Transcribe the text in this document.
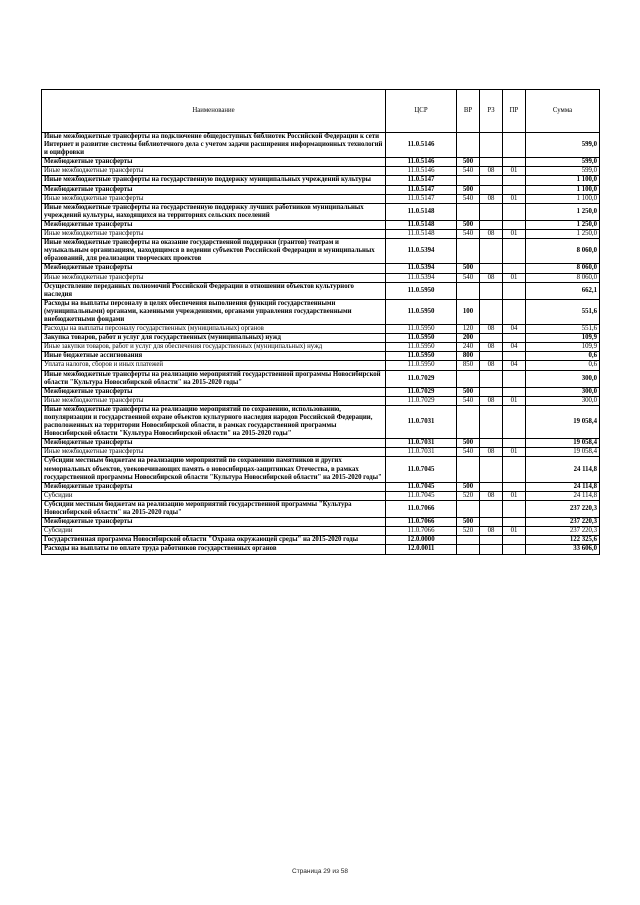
Наименование	ЦСР	ВР	РЗ	ПР	Сумма
Иные межбюджетные трансферты на подключение общедоступных библиотек Российской Федерации к сети Интернет и развитие системы библиотечного дела с учетом задачи расширения информационных технологий и оцифровки	11.0.5146				599,0
Межбюджетные трансферты	11.0.5146	500			599,0
Иные межбюджетные трансферты	11.0.5146	540	08	01	599,0
Иные межбюджетные трансферты на государственную поддержку муниципальных учреждений культуры	11.0.5147				1 100,0
Межбюджетные трансферты	11.0.5147	500			1 100,0
Иные межбюджетные трансферты	11.0.5147	540	08	01	1 100,0
Иные межбюджетные трансферты на государственную поддержку лучших работников муниципальных учреждений культуры, находящихся на территориях сельских поселений	11.0.5148				1 250,0
Межбюджетные трансферты	11.0.5148	500			1 250,0
Иные межбюджетные трансферты	11.0.5148	540	08	01	1 250,0
Иные межбюджетные трансферты на оказание государственной поддержки (грантов) театрам и музыкальным организациям, находящимся в ведении субъектов Российской Федерации и муниципальных образований, для реализации творческих проектов	11.0.5394				8 060,0
Межбюджетные трансферты	11.0.5394	500			8 060,0
Иные межбюджетные трансферты	11.0.5394	540	08	01	8 060,0
Осуществление переданных полномочий Российской Федерации в отношении объектов культурного наследия	11.0.5950				662,1
Расходы на выплаты персоналу в целях обеспечения выполнения функций государственными (муниципальными) органами, казенными учреждениями, органами управления государственными внебюджетными фондами	11.0.5950	100			551,6
Расходы на выплаты персоналу государственных (муниципальных) органов	11.0.5950	120	08	04	551,6
Закупка товаров, работ и услуг для государственных (муниципальных) нужд	11.0.5950	200			109,9
Иные закупки товаров, работ и услуг для обеспечения государственных (муниципальных) нужд	11.0.5950	240	08	04	109,9
Иные бюджетные ассигнования	11.0.5950	800			0,6
Уплата налогов, сборов и иных платежей	11.0.5950	850	08	04	0,6
Иные межбюджетные трансферты на реализацию мероприятий государственной программы Новосибирской области "Культура Новосибирской области" на 2015-2020 годы"	11.0.7029				300,0
Межбюджетные трансферты	11.0.7029	500			300,0
Иные межбюджетные трансферты	11.0.7029	540	08	01	300,0
Иные межбюджетные трансферты на реализацию мероприятий по сохранению, использованию, популяризации и государственной охране объектов культурного наследия народов Российской Федерации, расположенных на территории Новосибирской области, в рамках государственной программы Новосибирской области "Культура Новосибирской области" на 2015-2020 годы"	11.0.7031				19 058,4
Межбюджетные трансферты	11.0.7031	500			19 058,4
Иные межбюджетные трансферты	11.0.7031	540	08	01	19 058,4
Субсидии местным бюджетам на реализацию мероприятий по сохранению памятников и других мемориальных объектов, увековечивающих память о новосибирцах-защитниках Отечества, в рамках государственной программы Новосибирской области "Культура Новосибирской области" на 2015-2020 годы"	11.0.7045				24 114,8
Межбюджетные трансферты	11.0.7045	500			24 114,8
Субсидии	11.0.7045	520	08	01	24 114,8
Субсидии местным бюджетам на реализацию мероприятий государственной программы "Культура Новосибирской области" на 2015-2020 годы"	11.0.7066				237 220,3
Межбюджетные трансферты	11.0.7066	500			237 220,3
Субсидии	11.0.7066	520	08	01	237 220,3
Государственная программа Новосибирской области "Охрана окружающей среды" на 2015-2020 годы	12.0.0000				122 325,6
Расходы на выплаты по оплате труда работников государственных органов	12.0.0011				33 606,0
Страница 29 из 58
